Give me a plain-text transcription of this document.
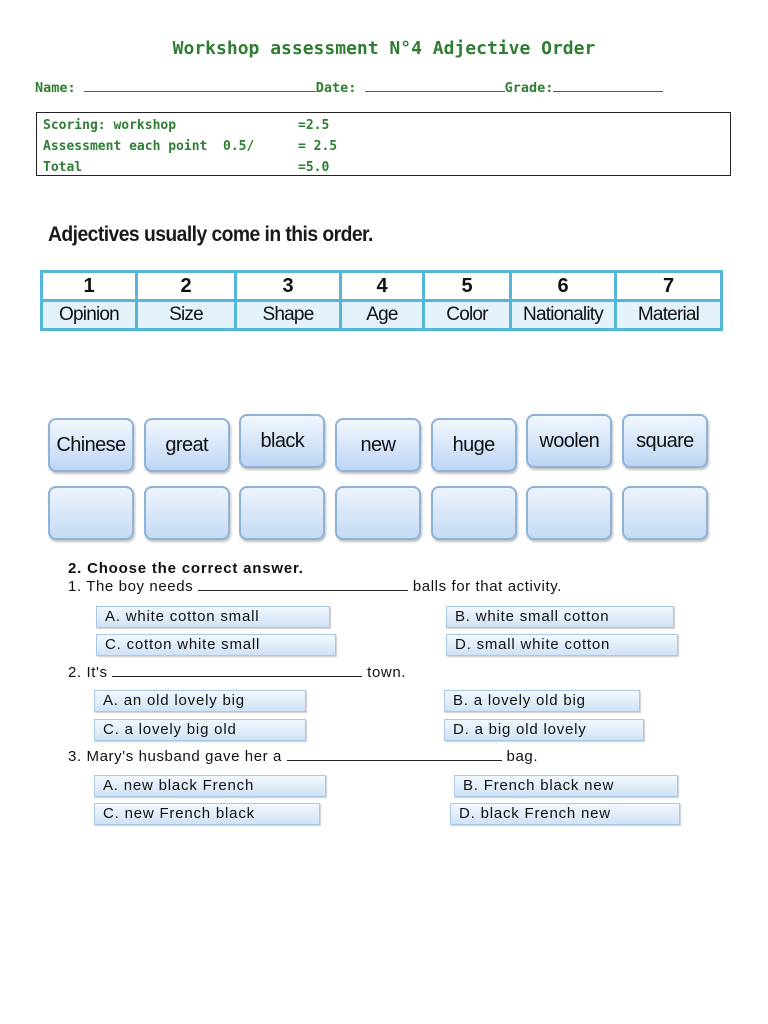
Workshop assessment N°4 Adjective Order
Name:	Date:	Grade:
Scoring: workshop	=2.5
Assessment each point  0.5/	= 2.5
Total	=5.0
Adjectives usually come in this order.
1	2	3	4	5	6	7
Opinion	Size	Shape	Age	Color	Nationality	Material
Chinese	great	black	new	huge	woolen	square
2. Choose the correct answer.
1. The boy needs	balls for that activity.
A. white cotton small	B. white small cotton
C. cotton white small	D. small white cotton
2. It's	town.
A. an old lovely big	B. a lovely old big
C. a lovely big old	D. a big old lovely
3. Mary's husband gave her a	bag.
A. new black French	B. French black new
C. new French black	D. black French new
